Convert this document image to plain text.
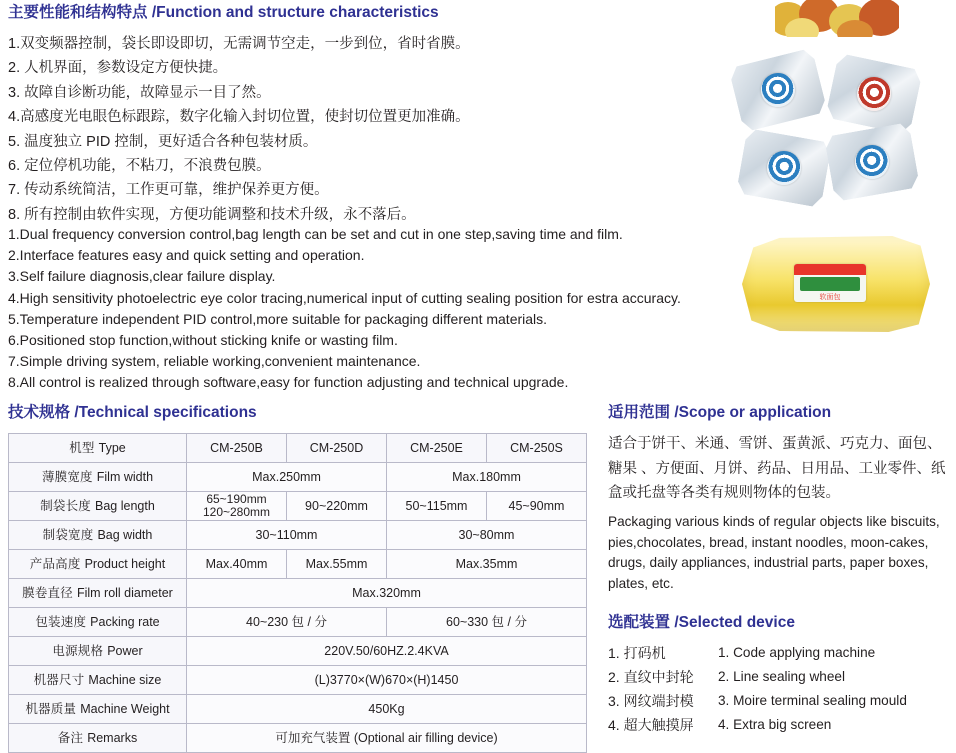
主要性能和结构特点 /Function and structure characteristics
1.双变频器控制，袋长即设即切，无需调节空走，一步到位，省时省膜。
2. 人机界面，参数设定方便快捷。
3. 故障自诊断功能，故障显示一目了然。
4.高感度光电眼色标跟踪，数字化输入封切位置，使封切位置更加准确。
5. 温度独立 PID 控制，更好适合各种包装材质。
6. 定位停机功能，不粘刀，不浪费包膜。
7. 传动系统简洁，工作更可靠，维护保养更方便。
8. 所有控制由软件实现，方便功能调整和技术升级，永不落后。
1.Dual frequency conversion control,bag length can be set and cut in one step,saving time and film.
2.Interface features easy and quick setting and operation.
3.Self failure diagnosis,clear failure display.
4.High sensitivity photoelectric eye color tracing,numerical input of cutting sealing position for estra accuracy.
5.Temperature independent PID control,more suitable for packaging different materials.
6.Positioned stop function,without sticking knife or wasting film.
7.Simple driving system, reliable working,convenient maintenance.
8.All control is realized through software,easy for function adjusting and technical upgrade.
软面包
技术规格 /Technical specifications
机型 Type	CM-250B	CM-250D	CM-250E	CM-250S
薄膜宽度 Film width	Max.250mm		Max.180mm	
制袋长度 Bag length	65~190mm
120~280mm	90~220mm	50~115mm	45~90mm
制袋宽度 Bag width	30~110mm		30~80mm	
产品高度 Product height	Max.40mm	Max.55mm	Max.35mm	
膜卷直径 Film roll diameter	Max.320mm			
包装速度 Packing rate	40~230 包 / 分		60~330 包 / 分	
电源规格 Power	220V.50/60HZ.2.4KVA			
机器尺寸 Machine size	(L)3770×(W)670×(H)1450			
机器质量 Machine Weight	450Kg			
备注 Remarks	可加充气装置 (Optional air filling device)			
适用范围 /Scope or application
适合于饼干、米通、雪饼、蛋黄派、巧克力、面包、糖果 、方便面、月饼、药品、日用品、工业零件、纸盒或托盘等各类有规则物体的包装。
Packaging various kinds of regular objects like biscuits, pies,chocolates, bread, instant noodles, moon-cakes, drugs, daily appliances, industrial parts, paper boxes, plates, etc.
选配装置 /Selected device
1. 打码机
2. 直纹中封轮
3. 网纹端封模
4. 超大触摸屏
1. Code applying machine
2. Line sealing wheel
3. Moire terminal sealing mould
4. Extra big screen
